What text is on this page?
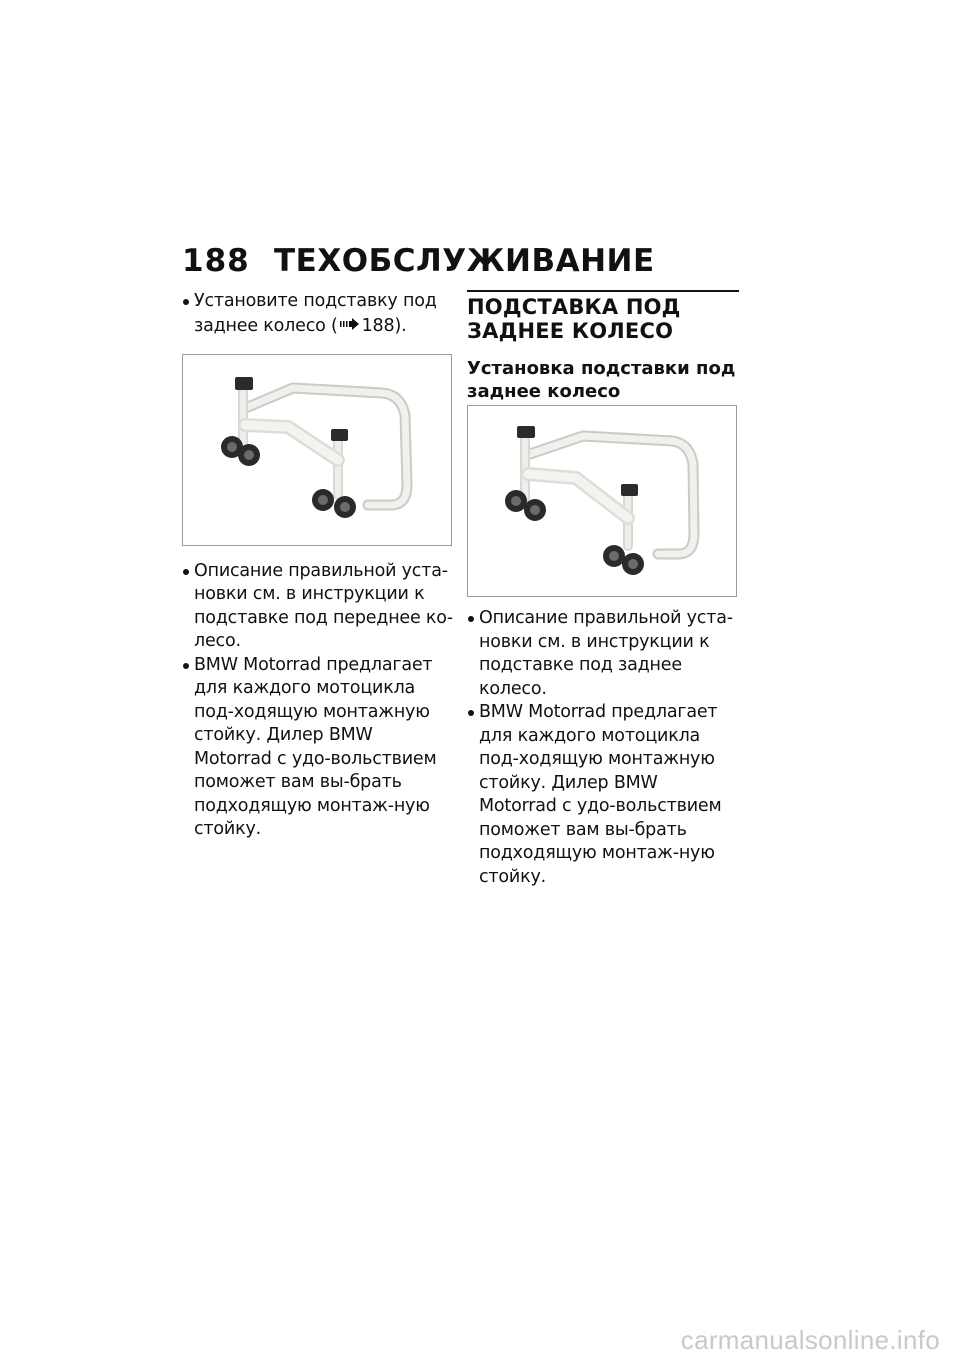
188 ТЕХОБСЛУЖИВАНИЕ

Установите подставку под заднее колесо ( 188).

Описание правильной уста-новки см. в инструкции к подставке под переднее ко-лесо.

BMW Motorrad предлагает для каждого мотоцикла под-ходящую монтажную стойку. Дилер BMW Motorrad с удо-вольствием поможет вам вы-брать подходящую монтаж-ную стойку.

ПОДСТАВКА ПОД ЗАДНЕЕ КОЛЕСО

Установка подставки под заднее колесо

Описание правильной уста-новки см. в инструкции к подставке под заднее колесо.

BMW Motorrad предлагает для каждого мотоцикла под-ходящую монтажную стойку. Дилер BMW Motorrad с удо-вольствием поможет вам вы-брать подходящую монтаж-ную стойку.

carmanualsonline.info
